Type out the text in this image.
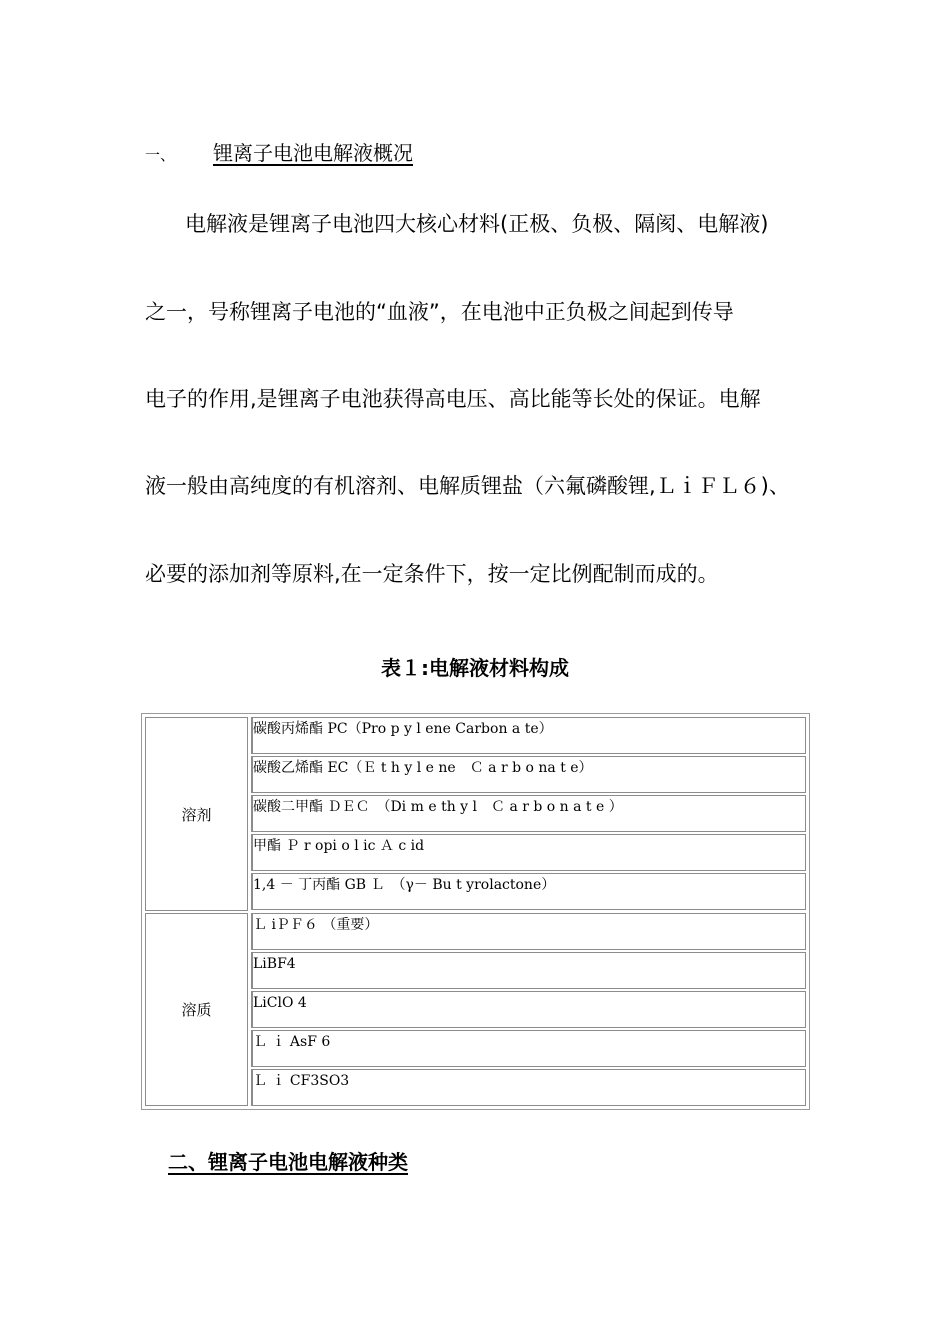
一、 锂离子电池电解液概况
电解液是锂离子电池四大核心材料(正极、负极、隔阂、电解液)
之一，号称锂离子电池的“血液”，在电池中正负极之间起到传导
电子的作用,是锂离子电池获得高电压、高比能等长处的保证。电解
液一般由高纯度的有机溶剂、电解质锂盐（六氟磷酸锂,ＬｉＦＬ６)、
必要的添加剂等原料,在一定条件下，按一定比例配制而成的。
表１:电解液材料构成
溶剂
碳酸丙烯酯 PC（Pro p y l ene Carbon a te）
碳酸乙烯酯 EC（Ｅ t h y l e ne　Ｃ a r b o na t e）
碳酸二甲酯 ＤＥＣ　（Di m e th y l　Ｃ a r b o n a t e ）
甲酯 Ｐ r opi o l ic Ａ c id
1,4 － 丁丙酯 GB Ｌ　（γ－ Bu t yrolactone）
溶质
Ｌ iＰＦ６ （重要）
LiBF4
LiClO 4
Ｌ ｉ AsF 6
Ｌ ｉ CF3SO3
二、锂离子电池电解液种类
